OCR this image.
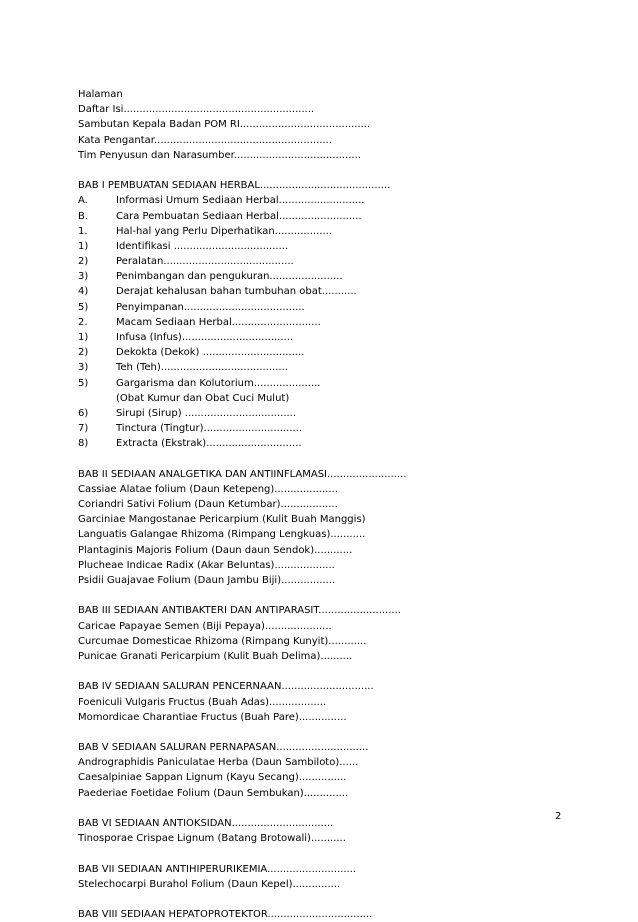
Halaman
Daftar Isi............................................................
Sambutan Kepala Badan POM RI.........................................
Kata Pengantar........................................................
Tim Penyusun dan Narasumber........................................
BAB I PEMBUATAN SEDIAAN HERBAL.........................................
A.	Informasi Umum Sediaan Herbal...........................
B.	Cara Pembuatan Sediaan Herbal..........................
1.	Hal-hal yang Perlu Diperhatikan..................
1)	Identifikasi ....................................
2)	Peralatan.........................................
3)	Penimbangan dan pengukuran.......................
4)	Derajat kehalusan bahan tumbuhan obat...........
5)	Penyimpanan......................................
2.	Macam Sediaan Herbal............................
1)	Infusa (Infus)...................................
2)	Dekokta (Dekok) ................................
3)	Teh (Teh)........................................
5)	Gargarisma dan Kolutorium.....................
(Obat Kumur dan Obat Cuci Mulut)
6)	Sirupi (Sirup) ...................................
7)	Tinctura (Tingtur)...............................
8)	Extracta (Ekstrak)..............................
BAB II SEDIAAN ANALGETIKA DAN ANTIINFLAMASI.........................
Cassiae Alatae folium (Daun Ketepeng)....................
Coriandri Sativi Folium (Daun Ketumbar)..................
Garciniae Mangostanae Pericarpium (Kulit Buah Manggis)
Languatis Galangae Rhizoma (Rimpang Lengkuas)...........
Plantaginis Majoris Folium (Daun daun Sendok)............
Plucheae Indicae Radix (Akar Beluntas)...................
Psidii Guajavae Folium (Daun Jambu Biji).................
BAB III SEDIAAN ANTIBAKTERI DAN ANTIPARASIT..........................
Caricae Papayae Semen (Biji Pepaya).....................
Curcumae Domesticae Rhizoma (Rimpang Kunyit)............
Punicae Granati Pericarpium (Kulit Buah Delima)..........
BAB IV SEDIAAN SALURAN PENCERNAAN.............................
Foeniculi Vulgaris Fructus (Buah Adas)..................
Momordicae Charantiae Fructus (Buah Pare)...............
BAB V SEDIAAN SALURAN PERNAPASAN.............................
Andrographidis Paniculatae Herba (Daun Sambiloto)......
Caesalpiniae Sappan Lignum (Kayu Secang)...............
Paederiae Foetidae Folium (Daun Sembukan)..............
BAB VI SEDIAAN ANTIOKSIDAN................................
Tinosporae Crispae Lignum (Batang Brotowali)...........
BAB VII SEDIAAN ANTIHIPERURIKEMIA............................
Stelechocarpi Burahol Folium (Daun Kepel)...............
BAB VIII SEDIAAN HEPATOPROTEKTOR.................................
2
